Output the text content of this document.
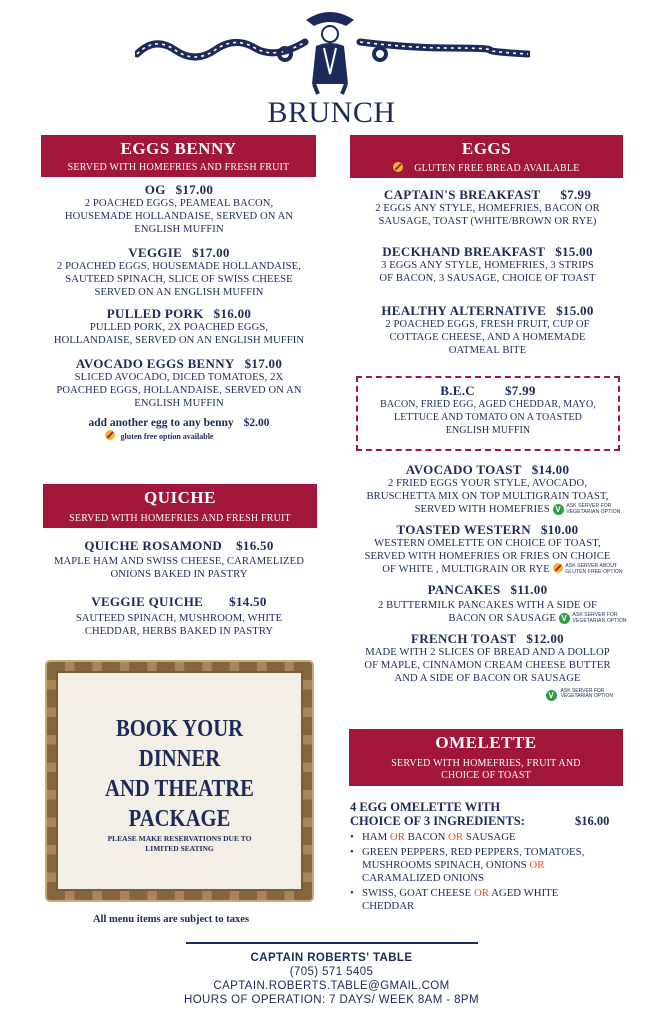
BRUNCH
EGGS BENNY
SERVED WITH HOMEFRIES AND FRESH FRUIT
OG $17.00
2 POACHED EGGS, PEAMEAL BACON,
HOUSEMADE HOLLANDAISE, SERVED ON AN
ENGLISH MUFFIN
VEGGIE $17.00
2 POACHED EGGS, HOUSEMADE HOLLANDAISE,
SAUTEED SPINACH, SLICE OF SWISS CHEESE
SERVED ON AN ENGLISH MUFFIN
PULLED PORK $16.00
PULLED PORK, 2X POACHED EGGS,
HOLLANDAISE, SERVED ON AN ENGLISH MUFFIN
AVOCADO EGGS BENNY $17.00
SLICED AVOCADO, DICED TOMATOES, 2X
POACHED EGGS, HOLLANDAISE, SERVED ON AN
ENGLISH MUFFIN
add another egg to any benny $2.00
gluten free option available
QUICHE
SERVED WITH HOMEFRIES AND FRESH FRUIT
QUICHE ROSAMOND $16.50
MAPLE HAM AND SWISS CHEESE, CARAMELIZED
ONIONS BAKED IN PASTRY
VEGGIE QUICHE $14.50
SAUTEED SPINACH, MUSHROOM, WHITE
CHEDDAR, HERBS BAKED IN PASTRY
BOOK YOUR DINNER
AND THEATRE
PACKAGE
PLEASE MAKE RESERVATIONS DUE TO
LIMITED SEATING
All menu items are subject to taxes
EGGS
GLUTEN FREE BREAD AVAILABLE
CAPTAIN'S BREAKFAST $7.99
2 EGGS ANY STYLE, HOMEFRIES, BACON OR
SAUSAGE, TOAST (WHITE/BROWN OR RYE)
DECKHAND BREAKFAST $15.00
3 EGGS ANY STYLE, HOMEFRIES, 3 STRIPS
OF BACON, 3 SAUSAGE, CHOICE OF TOAST
HEALTHY ALTERNATIVE $15.00
2 POACHED EGGS, FRESH FRUIT, CUP OF
COTTAGE CHEESE, AND A HOMEMADE
OATMEAL BITE
B.E.C $7.99
BACON, FRIED EGG, AGED CHEDDAR, MAYO,
LETTUCE AND TOMATO ON A TOASTED
ENGLISH MUFFIN
AVOCADO TOAST $14.00
2 FRIED EGGS YOUR STYLE, AVOCADO,
BRUSCHETTA MIX ON TOP MULTIGRAIN TOAST,
SERVED WITH HOMEFRIES V ASK SERVER FOR
VEGETARIAN OPTION
TOASTED WESTERN $10.00
WESTERN OMELETTE ON CHOICE OF TOAST,
SERVED WITH HOMEFRIES OR FRIES ON CHOICE
OF WHITE , MULTIGRAIN OR RYE	ASK SERVER ABOUT
GLUTEN FREE OPTION
PANCAKES $11.00
2 BUTTERMILK PANCAKES WITH A SIDE OF
BACON OR SAUSAGE V ASK SERVER FOR
VEGETARIAN OPTION
FRENCH TOAST $12.00
MADE WITH 2 SLICES OF BREAD AND A DOLLOP
OF MAPLE, CINNAMON CREAM CHEESE BUTTER
AND A SIDE OF BACON OR SAUSAGE
V ASK SERVER FOR
VEGETARIAN OPTION
OMELETTE
SERVED WITH HOMEFRIES, FRUIT AND
CHOICE OF TOAST
4 EGG OMELETTE WITH
CHOICE OF 3 INGREDIENTS:	$16.00
• HAM OR BACON OR SAUSAGE
• GREEN PEPPERS, RED PEPPERS, TOMATOES,
MUSHROOMS SPINACH, ONIONS OR
CARAMALIZED ONIONS
• SWISS, GOAT CHEESE OR AGED WHITE
CHEDDAR
CAPTAIN ROBERTS' TABLE
(705) 571 5405
CAPTAIN.ROBERTS.TABLE@GMAIL.COM
HOURS OF OPERATION: 7 DAYS/ WEEK 8AM - 8PM
